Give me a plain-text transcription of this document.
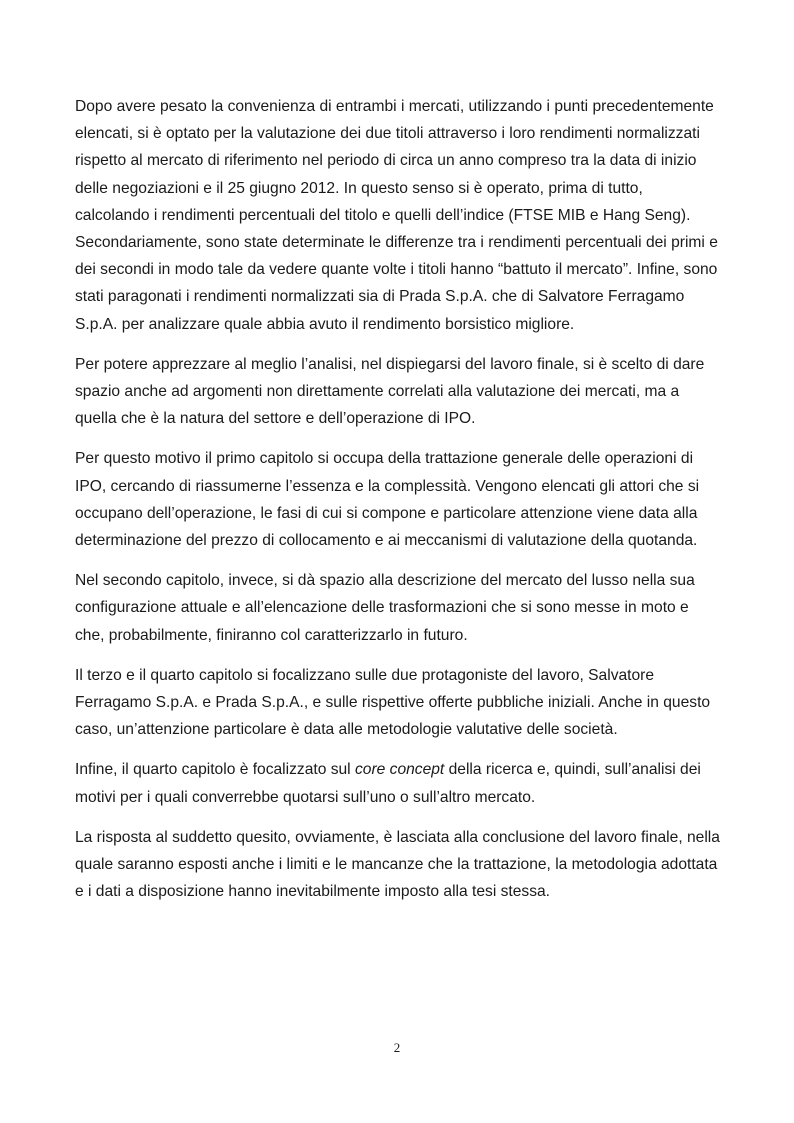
Dopo avere pesato la convenienza di entrambi i mercati, utilizzando i punti precedentemente elencati, si è optato per la valutazione dei due titoli attraverso i loro rendimenti normalizzati rispetto al mercato di riferimento nel periodo di circa un anno compreso tra la data di inizio delle negoziazioni e il 25 giugno 2012. In questo senso si è operato, prima di tutto, calcolando i rendimenti percentuali del titolo e quelli dell’indice (FTSE MIB e Hang Seng). Secondariamente, sono state determinate le differenze tra i rendimenti percentuali dei primi e dei secondi in modo tale da vedere quante volte i titoli hanno “battuto il mercato”. Infine, sono stati paragonati i rendimenti normalizzati sia di Prada S.p.A. che di Salvatore Ferragamo S.p.A. per analizzare quale abbia avuto il rendimento borsistico migliore.

Per potere apprezzare al meglio l’analisi, nel dispiegarsi del lavoro finale, si è scelto di dare spazio anche ad argomenti non direttamente correlati alla valutazione dei mercati, ma a quella che è la natura del settore e dell’operazione di IPO.

Per questo motivo il primo capitolo si occupa della trattazione generale delle operazioni di IPO, cercando di riassumerne l’essenza e la complessità. Vengono elencati gli attori che si occupano dell’operazione, le fasi di cui si compone e particolare attenzione viene data alla determinazione del prezzo di collocamento e ai meccanismi di valutazione della quotanda.

Nel secondo capitolo, invece, si dà spazio alla descrizione del mercato del lusso nella sua configurazione attuale e all’elencazione delle trasformazioni che si sono messe in moto e che, probabilmente, finiranno col caratterizzarlo in futuro.

Il terzo e il quarto capitolo si focalizzano sulle due protagoniste del lavoro, Salvatore Ferragamo S.p.A. e Prada S.p.A., e sulle rispettive offerte pubbliche iniziali. Anche in questo caso, un’attenzione particolare è data alle metodologie valutative delle società.

Infine, il quarto capitolo è focalizzato sul core concept della ricerca e, quindi, sull’analisi dei motivi per i quali converrebbe quotarsi sull’uno o sull’altro mercato.

La risposta al suddetto quesito, ovviamente, è lasciata alla conclusione del lavoro finale, nella quale saranno esposti anche i limiti e le mancanze che la trattazione, la metodologia adottata e i dati a disposizione hanno inevitabilmente imposto alla tesi stessa.

2
